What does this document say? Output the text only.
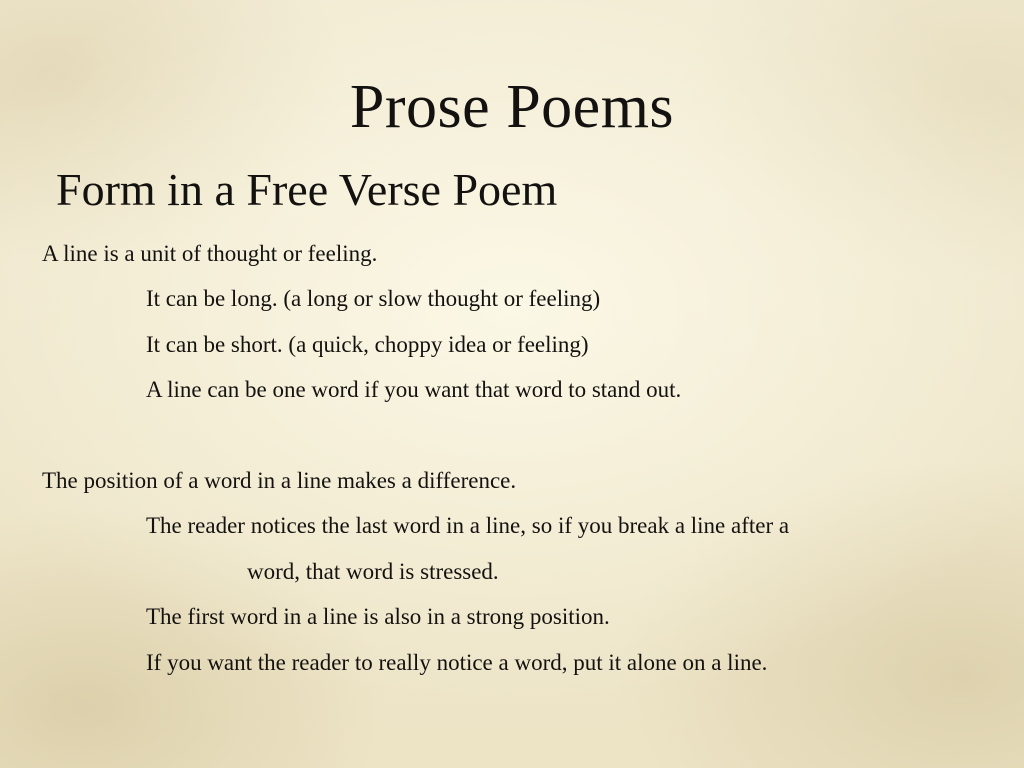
Prose Poems
Form in a Free Verse Poem

A line is a unit of thought or feeling.

It can be long. (a long or slow thought or feeling)

It can be short. (a quick, choppy idea or feeling)

A line can be one word if you want that word to stand out.

The position of a word in a line makes a difference.

The reader notices the last word in a line, so if you break a line after a

word, that word is stressed.

The first word in a line is also in a strong position.

If you want the reader to really notice a word, put it alone on a line.
